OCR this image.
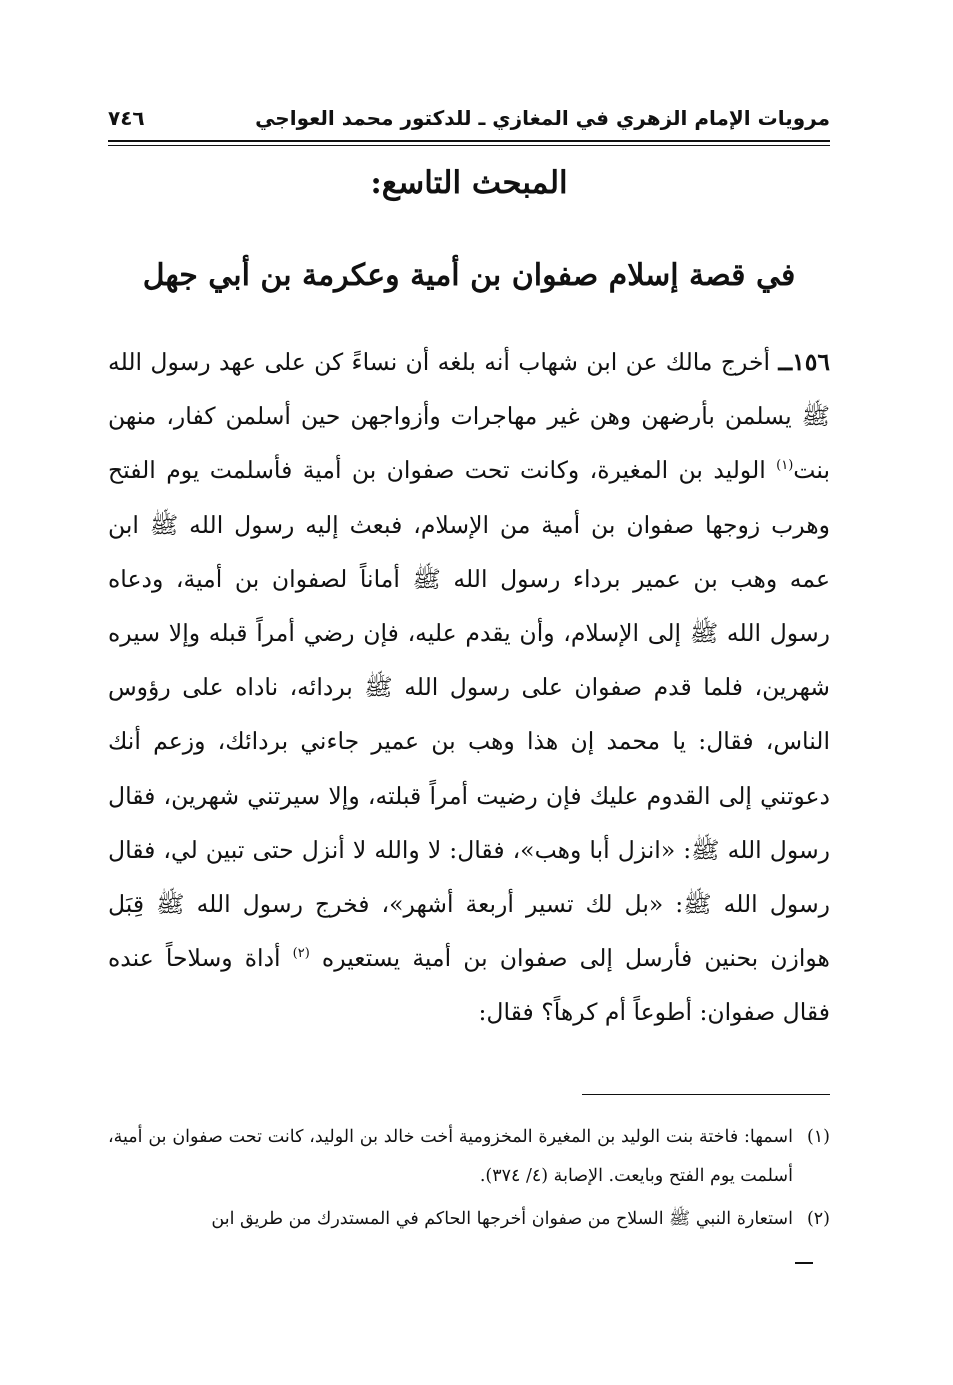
مرويات الإمام الزهري في المغازي ـ للدكتور محمد العواجي
٧٤٦
المبحث التاسع:
في قصة إسلام صفوان بن أمية وعكرمة بن أبي جهل
١٥٦ــ أخرج مالك عن ابن شهاب أنه بلغه أن نساءً كن على عهد رسول الله ﷺ يسلمن بأرضهن وهن غير مهاجرات وأزواجهن حين أسلمن كفار، منهن بنت$^{(١)}$ الوليد بن المغيرة، وكانت تحت صفوان بن أمية فأسلمت يوم الفتح وهرب زوجها صفوان بن أمية من الإسلام، فبعث إليه رسول الله ﷺ ابن عمه وهب بن عمير برداء رسول الله ﷺ أماناً لصفوان بن أمية، ودعاه رسول الله ﷺ إلى الإسلام، وأن يقدم عليه، فإن رضي أمراً قبله وإلا سيره شهرين، فلما قدم صفوان على رسول الله ﷺ بردائه، ناداه على رؤوس الناس، فقال: يا محمد إن هذا وهب بن عمير جاءني بردائك، وزعم أنك دعوتني إلى القدوم عليك فإن رضيت أمراً قبلته، وإلا سيرتني شهرين، فقال رسول الله ﷺ: «انزل أبا وهب»، فقال: لا والله لا أنزل حتى تبين لي، فقال رسول الله ﷺ: «بل لك تسير أربعة أشهر»، فخرج رسول الله ﷺ قِبَل هوازن بحنين فأرسل إلى صفوان بن أمية يستعيره $^{(٢)}$ أداة وسلاحاً عنده فقال صفوان: أطوعاً أم كرهاً؟ فقال:
(١)
اسمها: فاختة بنت الوليد بن المغيرة المخزومية أخت خالد بن الوليد، كانت تحت صفوان بن أمية، أسلمت يوم الفتح وبايعت. الإصابة (٤/ ٣٧٤).
(٢)
استعارة النبي ﷺ السلاح من صفوان أخرجها الحاكم في المستدرك من طريق ابن
